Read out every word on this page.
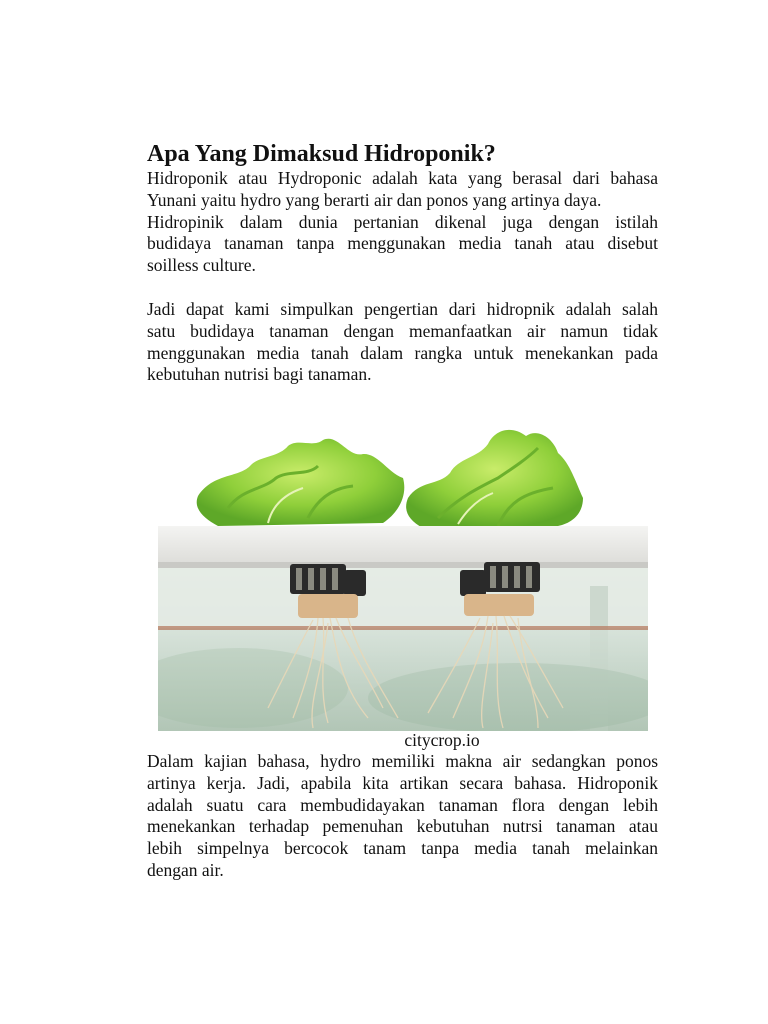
Apa Yang Dimaksud Hidroponik?

Hidroponik atau Hydroponic adalah kata yang berasal dari bahasa
Yunani yaitu hydro yang berarti air dan ponos yang artinya daya.
Hidropinik dalam dunia pertanian dikenal juga dengan istilah
budidaya tanaman tanpa menggunakan media tanah atau disebut
soilless culture.

Jadi dapat kami simpulkan pengertian dari hidropnik adalah salah
satu budidaya tanaman dengan memanfaatkan air namun tidak
menggunakan media tanah dalam rangka untuk menekankan pada
kebutuhan nutrisi bagi tanaman.

citycrop.io

Dalam kajian bahasa, hydro memiliki makna air sedangkan ponos
artinya kerja. Jadi, apabila kita artikan secara bahasa. Hidroponik
adalah suatu cara membudidayakan tanaman flora dengan lebih
menekankan terhadap pemenuhan kebutuhan nutrsi tanaman atau
lebih simpelnya bercocok tanam tanpa media tanah melainkan
dengan air.
